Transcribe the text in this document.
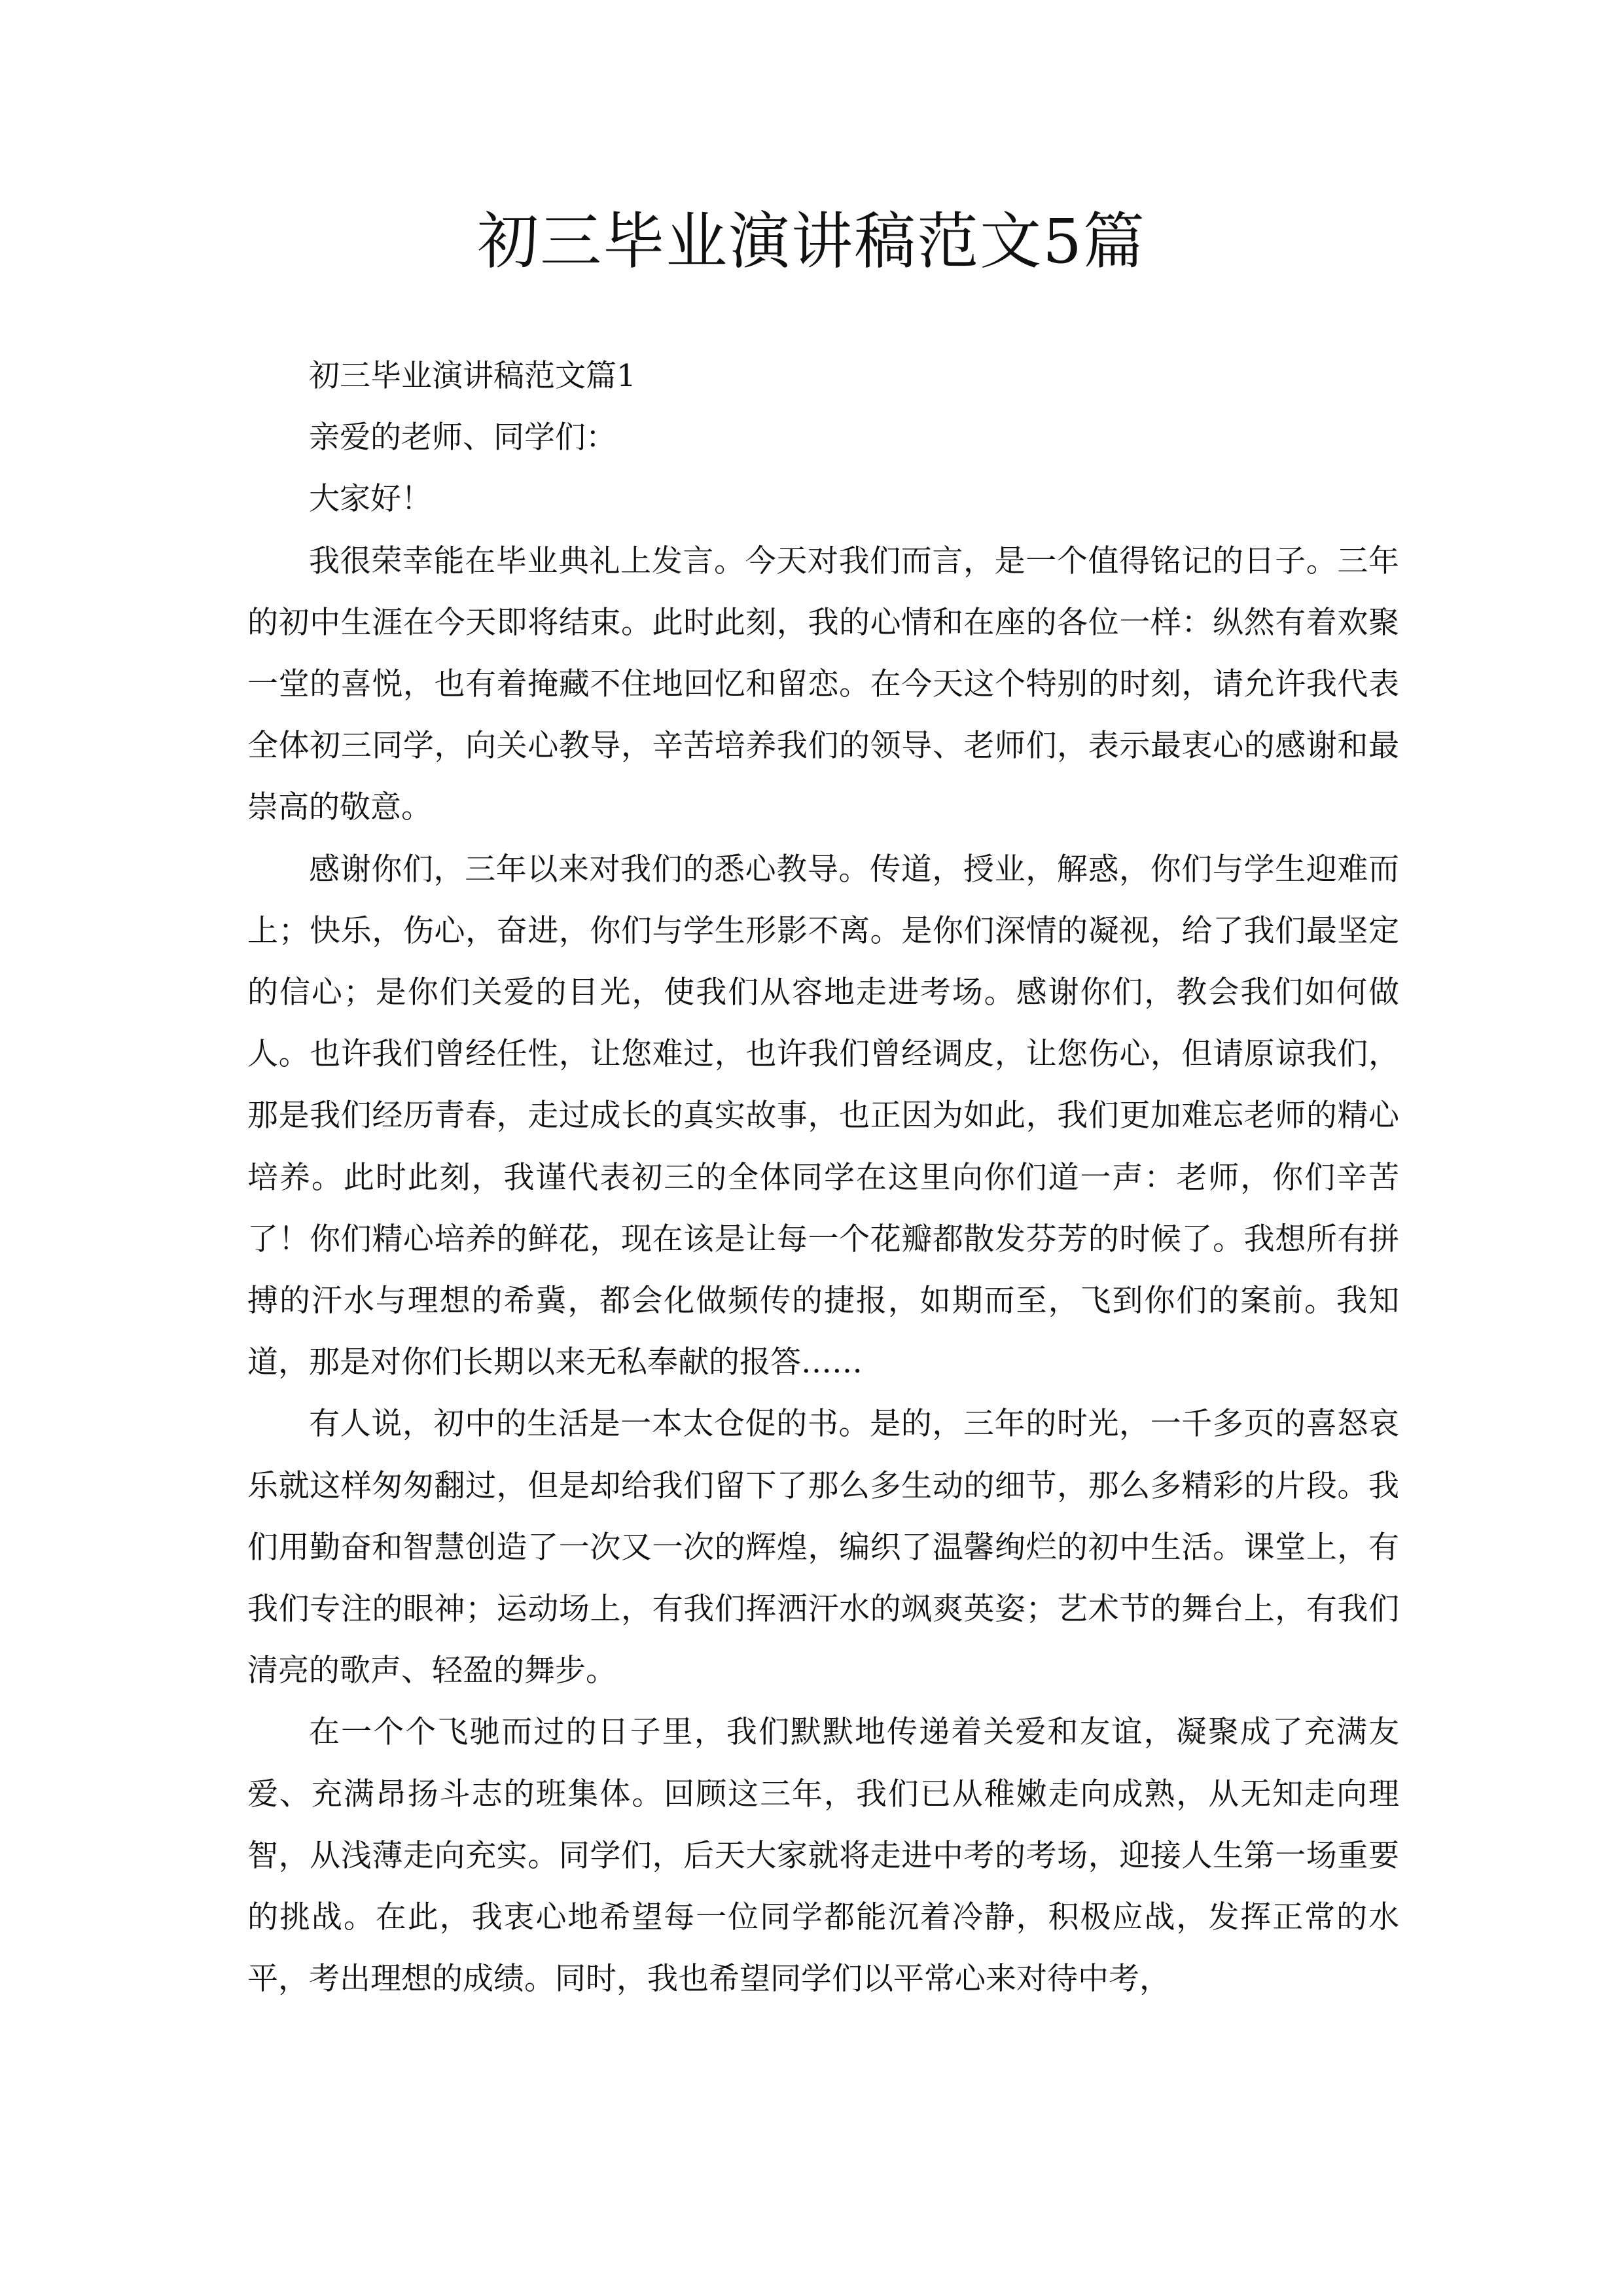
初三毕业演讲稿范文5篇

初三毕业演讲稿范文篇1

亲爱的老师、同学们：

大家好！

我很荣幸能在毕业典礼上发言。今天对我们而言，是一个值得铭记的日子。三年的初中生涯在今天即将结束。此时此刻，我的心情和在座的各位一样：纵然有着欢聚一堂的喜悦，也有着掩藏不住地回忆和留恋。在今天这个特别的时刻，请允许我代表全体初三同学，向关心教导，辛苦培养我们的领导、老师们，表示最衷心的感谢和最崇高的敬意。

感谢你们，三年以来对我们的悉心教导。传道，授业，解惑，你们与学生迎难而上；快乐，伤心，奋进，你们与学生形影不离。是你们深情的凝视，给了我们最坚定的信心；是你们关爱的目光，使我们从容地走进考场。感谢你们，教会我们如何做人。也许我们曾经任性，让您难过，也许我们曾经调皮，让您伤心，但请原谅我们，那是我们经历青春，走过成长的真实故事，也正因为如此，我们更加难忘老师的精心培养。此时此刻，我谨代表初三的全体同学在这里向你们道一声：老师，你们辛苦了！你们精心培养的鲜花，现在该是让每一个花瓣都散发芬芳的时候了。我想所有拼搏的汗水与理想的希冀，都会化做频传的捷报，如期而至，飞到你们的案前。我知道，那是对你们长期以来无私奉献的报答……

有人说，初中的生活是一本太仓促的书。是的，三年的时光，一千多页的喜怒哀乐就这样匆匆翻过，但是却给我们留下了那么多生动的细节，那么多精彩的片段。我们用勤奋和智慧创造了一次又一次的辉煌，编织了温馨绚烂的初中生活。课堂上，有我们专注的眼神；运动场上，有我们挥洒汗水的飒爽英姿；艺术节的舞台上，有我们清亮的歌声、轻盈的舞步。

在一个个飞驰而过的日子里，我们默默地传递着关爱和友谊，凝聚成了充满友爱、充满昂扬斗志的班集体。回顾这三年，我们已从稚嫩走向成熟，从无知走向理智，从浅薄走向充实。同学们，后天大家就将走进中考的考场，迎接人生第一场重要的挑战。在此，我衷心地希望每一位同学都能沉着冷静，积极应战，发挥正常的水平，考出理想的成绩。同时，我也希望同学们以平常心来对待中考，
